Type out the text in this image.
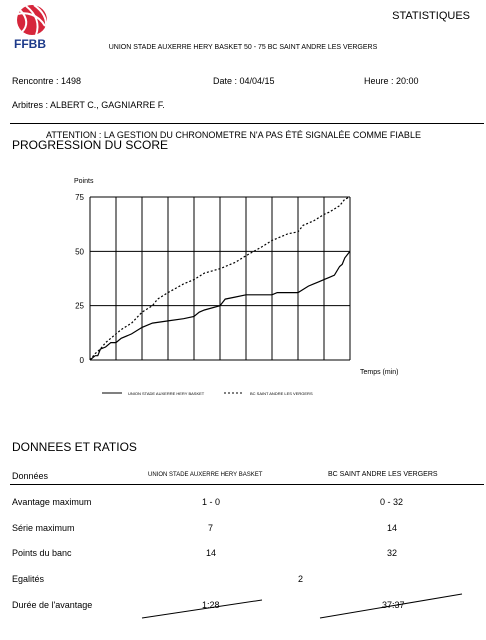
FFBB
STATISTIQUES
UNION STADE AUXERRE HERY BASKET 50 - 75 BC SAINT ANDRE LES VERGERS
Rencontre : 1498	Date : 04/04/15	Heure : 20:00
Arbitres : ALBERT C., GAGNIARRE F.
ATTENTION : LA GESTION DU CHRONOMETRE N'A PAS ÉTÉ SIGNALÉE COMME FIABLE
PROGRESSION DU SCORE
0
25
50
75
Points
Temps (min)
UNION STADE AUXERRE HERY BASKET	BC SAINT ANDRE LES VERGERS
DONNEES ET RATIOS
Données	UNION STADE AUXERRE HERY BASKET	BC SAINT ANDRE LES VERGERS
Avantage maximum	1 - 0	0 - 32
Série maximum	7	14
Points du banc	14	32
Egalités	2
Durée de l'avantage	1:28	37:37
